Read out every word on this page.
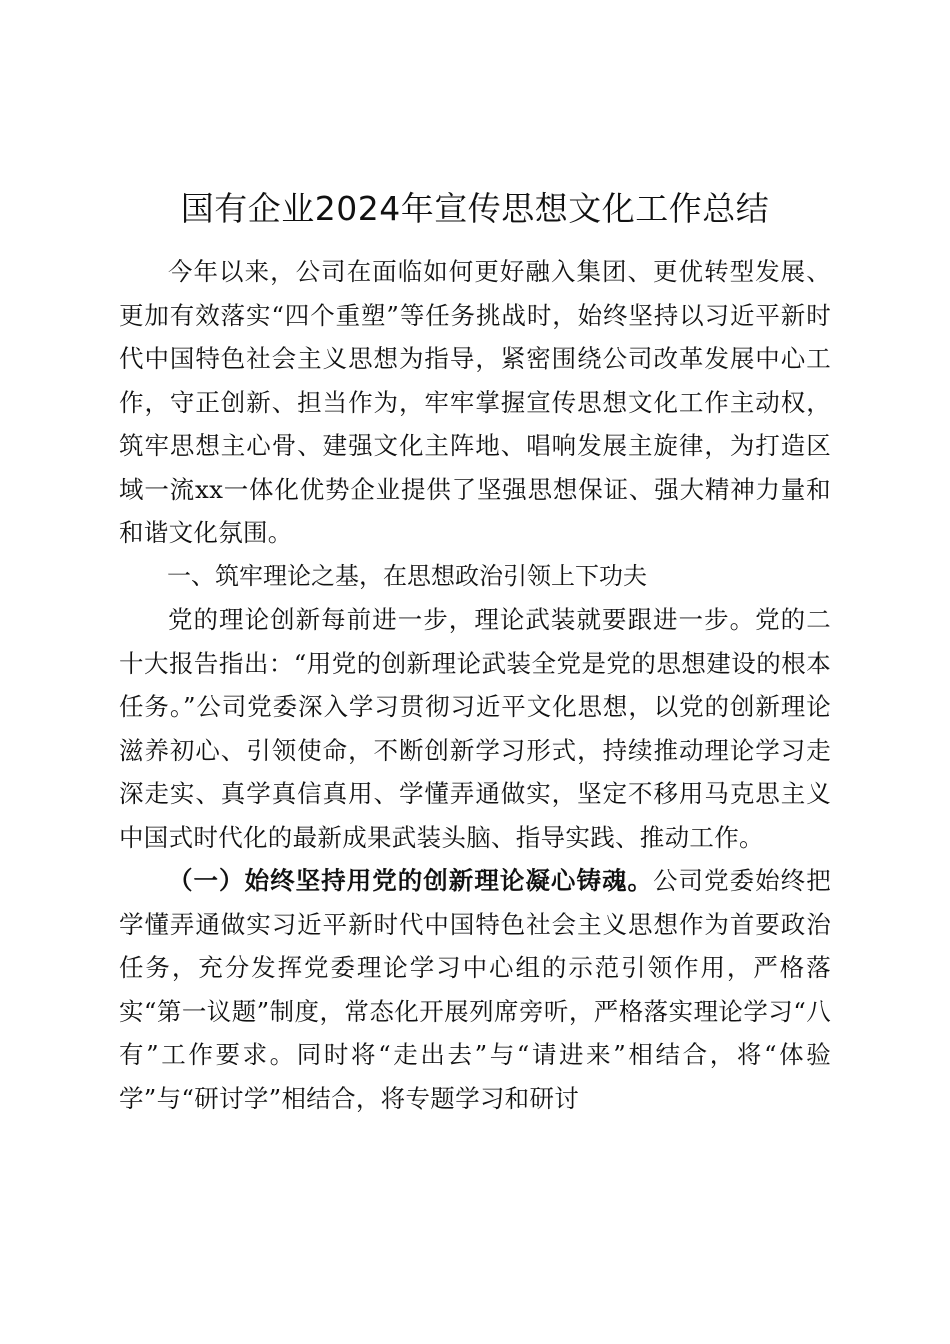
国有企业2024年宣传思想文化工作总结

今年以来，公司在面临如何更好融入集团、更优转型发展、更加有效落实“四个重塑”等任务挑战时，始终坚持以习近平新时代中国特色社会主义思想为指导，紧密围绕公司改革发展中心工作，守正创新、担当作为，牢牢掌握宣传思想文化工作主动权，筑牢思想主心骨、建强文化主阵地、唱响发展主旋律，为打造区域一流xx一体化优势企业提供了坚强思想保证、强大精神力量和和谐文化氛围。

一、筑牢理论之基，在思想政治引领上下功夫

党的理论创新每前进一步，理论武装就要跟进一步。党的二十大报告指出：“用党的创新理论武装全党是党的思想建设的根本任务。”公司党委深入学习贯彻习近平文化思想，以党的创新理论滋养初心、引领使命，不断创新学习形式，持续推动理论学习走深走实、真学真信真用、学懂弄通做实，坚定不移用马克思主义中国式时代化的最新成果武装头脑、指导实践、推动工作。

（一）始终坚持用党的创新理论凝心铸魂。公司党委始终把学懂弄通做实习近平新时代中国特色社会主义思想作为首要政治任务，充分发挥党委理论学习中心组的示范引领作用，严格落实“第一议题”制度，常态化开展列席旁听，严格落实理论学习“八有”工作要求。同时将“走出去”与“请进来”相结合，将“体验学”与“研讨学”相结合，将专题学习和研讨
